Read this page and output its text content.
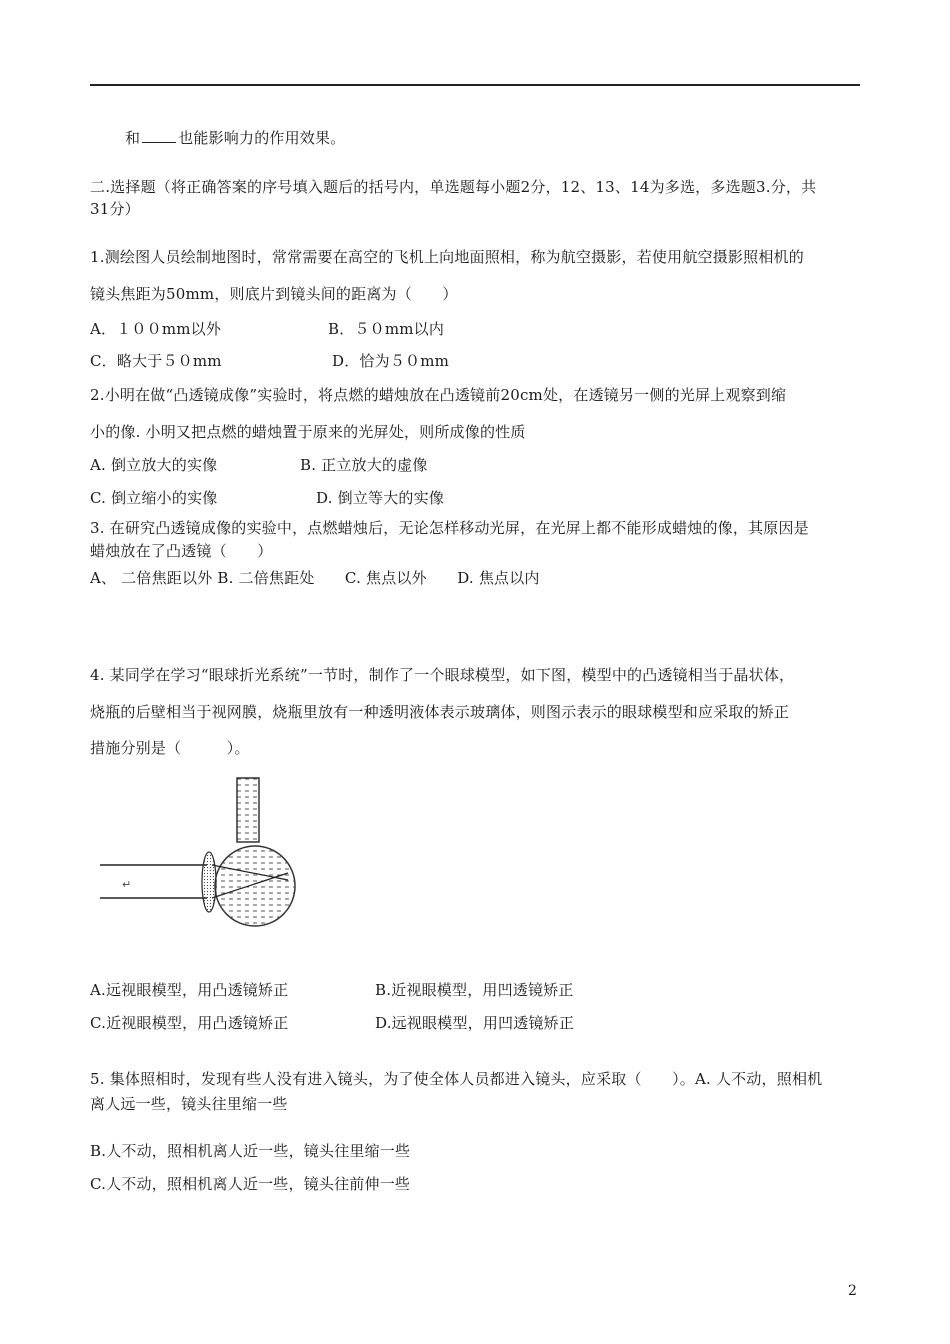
和	也能影响力的作用效果。
二.选择题（将正确答案的序号填入题后的括号内，单选题每小题2分，12、13、14为多选，多选题3.分，共
31分）
1.测绘图人员绘制地图时，常常需要在高空的飞机上向地面照相，称为航空摄影，若使用航空摄影照相机的
镜头焦距为50mm，则底片到镜头间的距离为（　　）
A．１００mm以外	B．５０mm以内
C．略大于５０mm	D．恰为５０mm
2.小明在做“凸透镜成像”实验时，将点燃的蜡烛放在凸透镜前20cm处，在透镜另一侧的光屏上观察到缩
小的像. 小明又把点燃的蜡烛置于原来的光屏处，则所成像的性质
A. 倒立放大的实像	B. 正立放大的虚像
C. 倒立缩小的实像	D. 倒立等大的实像
3. 在研究凸透镜成像的实验中，点燃蜡烛后，无论怎样移动光屏，在光屏上都不能形成蜡烛的像，其原因是
蜡烛放在了凸透镜（　　）
A、 二倍焦距以外 B. 二倍焦距处　　C. 焦点以外　　D. 焦点以内
4. 某同学在学习“眼球折光系统”一节时，制作了一个眼球模型，如下图，模型中的凸透镜相当于晶状体，
烧瓶的后壁相当于视网膜，烧瓶里放有一种透明液体表示玻璃体，则图示表示的眼球模型和应采取的矫正
措施分别是（　　　）。
↵
A.远视眼模型，用凸透镜矫正	B.近视眼模型，用凹透镜矫正
C.近视眼模型，用凸透镜矫正	D.远视眼模型，用凹透镜矫正
5. 集体照相时，发现有些人没有进入镜头，为了使全体人员都进入镜头，应采取（　　）。A. 人不动，照相机
离人远一些，镜头往里缩一些
B.人不动，照相机离人近一些，镜头往里缩一些
C.人不动，照相机离人近一些，镜头往前伸一些
2
